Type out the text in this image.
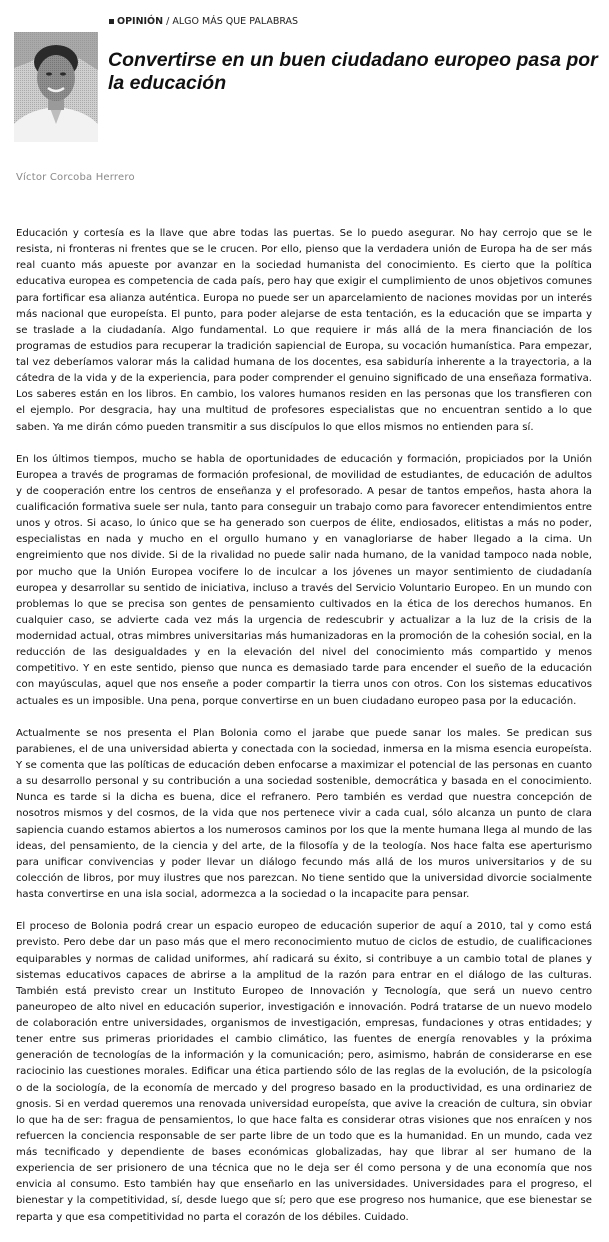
OPINIÓN / ALGO MÁS QUE PALABRAS
Convertirse en un buen ciudadano europeo pasa por la educación
Víctor Corcoba Herrero

Educación y cortesía es la llave que abre todas las puertas. Se lo puedo asegurar. No hay cerrojo que se le resista, ni fronteras ni frentes que se le crucen. Por ello, pienso que la verdadera unión de Europa ha de ser más real cuanto más apueste por avanzar en la sociedad humanista del conocimiento. Es cierto que la política educativa europea es competencia de cada país, pero hay que exigir el cumplimiento de unos objetivos comunes para fortificar esa alianza auténtica. Europa no puede ser un aparcelamiento de naciones movidas por un interés más nacional que europeísta. El punto, para poder alejarse de esta tentación, es la educación que se imparta y se traslade a la ciudadanía. Algo fundamental. Lo que requiere ir más allá de la mera financiación de los programas de estudios para recuperar la tradición sapiencial de Europa, su vocación humanística. Para empezar, tal vez deberíamos valorar más la calidad humana de los docentes, esa sabiduría inherente a la trayectoria, a la cátedra de la vida y de la experiencia, para poder comprender el genuino significado de una enseñaza formativa. Los saberes están en los libros. En cambio, los valores humanos residen en las personas que los transfieren con el ejemplo. Por desgracia, hay una multitud de profesores especialistas que no encuentran sentido a lo que saben. Ya me dirán cómo pueden transmitir a sus discípulos lo que ellos mismos no entienden para sí.

En los últimos tiempos, mucho se habla de oportunidades de educación y formación, propiciados por la Unión Europea a través de programas de formación profesional, de movilidad de estudiantes, de educación de adultos y de cooperación entre los centros de enseñanza y el profesorado. A pesar de tantos empeños, hasta ahora la cualificación formativa suele ser nula, tanto para conseguir un trabajo como para favorecer entendimientos entre unos y otros. Si acaso, lo único que se ha generado son cuerpos de élite, endiosados, elitistas a más no poder, especialistas en nada y mucho en el orgullo humano y en vanagloriarse de haber llegado a la cima. Un engreimiento que nos divide. Si de la rivalidad no puede salir nada humano, de la vanidad tampoco nada noble, por mucho que la Unión Europea vocifere lo de inculcar a los jóvenes un mayor sentimiento de ciudadanía europea y desarrollar su sentido de iniciativa, incluso a través del Servicio Voluntario Europeo. En un mundo con problemas lo que se precisa son gentes de pensamiento cultivados en la ética de los derechos humanos. En cualquier caso, se advierte cada vez más la urgencia de redescubrir y actualizar a la luz de la crisis de la modernidad actual, otras mimbres universitarias más humanizadoras en la promoción de la cohesión social, en la reducción de las desigualdades y en la elevación del nivel del conocimiento más compartido y menos competitivo. Y en este sentido, pienso que nunca es demasiado tarde para encender el sueño de la educación con mayúsculas, aquel que nos enseñe a poder compartir la tierra unos con otros. Con los sistemas educativos actuales es un imposible. Una pena, porque convertirse en un buen ciudadano europeo pasa por la educación.

Actualmente se nos presenta el Plan Bolonia como el jarabe que puede sanar los males. Se predican sus parabienes, el de una universidad abierta y conectada con la sociedad, inmersa en la misma esencia europeísta. Y se comenta que las políticas de educación deben enfocarse a maximizar el potencial de las personas en cuanto a su desarrollo personal y su contribución a una sociedad sostenible, democrática y basada en el conocimiento. Nunca es tarde si la dicha es buena, dice el refranero. Pero también es verdad que nuestra concepción de nosotros mismos y del cosmos, de la vida que nos pertenece vivir a cada cual, sólo alcanza un punto de clara sapiencia cuando estamos abiertos a los numerosos caminos por los que la mente humana llega al mundo de las ideas, del pensamiento, de la ciencia y del arte, de la filosofía y de la teología. Nos hace falta ese aperturismo para unificar convivencias y poder llevar un diálogo fecundo más allá de los muros universitarios y de su colección de libros, por muy ilustres que nos parezcan. No tiene sentido que la universidad divorcie socialmente hasta convertirse en una isla social, adormezca a la sociedad o la incapacite para pensar.

El proceso de Bolonia podrá crear un espacio europeo de educación superior de aquí a 2010, tal y como está previsto. Pero debe dar un paso más que el mero reconocimiento mutuo de ciclos de estudio, de cualificaciones equiparables y normas de calidad uniformes, ahí radicará su éxito, si contribuye a un cambio total de planes y sistemas educativos capaces de abrirse a la amplitud de la razón para entrar en el diálogo de las culturas. También está previsto crear un Instituto Europeo de Innovación y Tecnología, que será un nuevo centro paneuropeo de alto nivel en educación superior, investigación e innovación. Podrá tratarse de un nuevo modelo de colaboración entre universidades, organismos de investigación, empresas, fundaciones y otras entidades; y tener entre sus primeras prioridades el cambio climático, las fuentes de energía renovables y la próxima generación de tecnologías de la información y la comunicación; pero, asimismo, habrán de considerarse en ese raciocinio las cuestiones morales. Edificar una ética partiendo sólo de las reglas de la evolución, de la psicología o de la sociología, de la economía de mercado y del progreso basado en la productividad, es una ordinariez de gnosis. Si en verdad queremos una renovada universidad europeísta, que avive la creación de cultura, sin obviar lo que ha de ser: fragua de pensamientos, lo que hace falta es considerar otras visiones que nos enraícen y nos refuercen la conciencia responsable de ser parte libre de un todo que es la humanidad. En un mundo, cada vez más tecnificado y dependiente de bases económicas globalizadas, hay que librar al ser humano de la experiencia de ser prisionero de una técnica que no le deja ser él como persona y de una economía que nos envicia al consumo. Esto también hay que enseñarlo en las universidades. Universidades para el progreso, el bienestar y la competitividad, sí, desde luego que sí; pero que ese progreso nos humanice, que ese bienestar se reparta y que esa competitividad no parta el corazón de los débiles. Cuidado.
